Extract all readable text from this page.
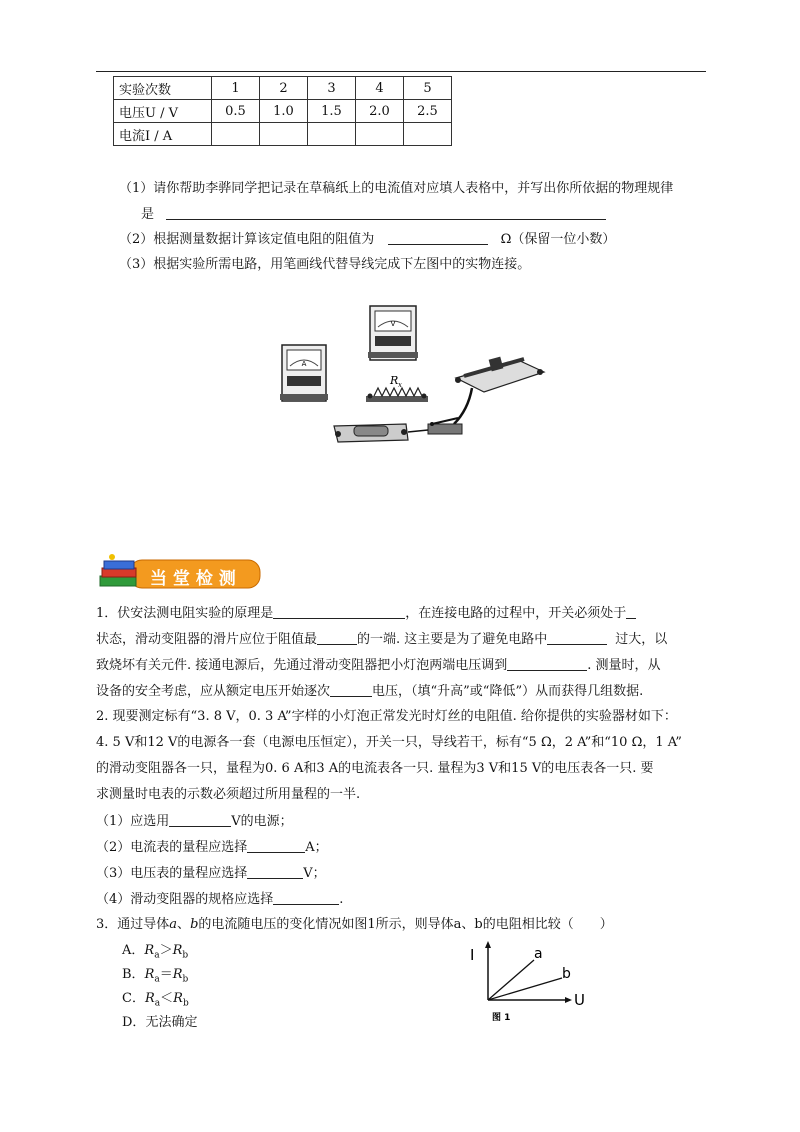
实验次数	1	2	3	4	5
电压U / V	0.5	1.0	1.5	2.0	2.5
电流I / A					
（1）请你帮助李骅同学把记录在草稿纸上的电流值对应填人表格中，并写出你所依据的物理规律
是
（2）根据测量数据计算该定值电阻的阻值为	Ω（保留一位小数）
（3）根据实验所需电路，用笔画线代替导线完成下左图中的实物连接。
A
V
R x
当 堂 检 测
1．伏安法测电阻实验的原理是	，在连接电路的过程中，开关必须处于
状态，滑动变阻器的滑片应位于阻值最	的一端. 这主要是为了避免电路中	过大，以
致烧坏有关元件. 接通电源后，先通过滑动变阻器把小灯泡两端电压调到	. 测量时，从
设备的安全考虑，应从额定电压开始逐次	电压，（填“升高”或“降低”）从而获得几组数据.
2. 现要测定标有“3. 8 V，0. 3 A”字样的小灯泡正常发光时灯丝的电阻值. 给你提供的实验器材如下：
4. 5 V和12 V的电源各一套（电源电压恒定），开关一只，导线若干，标有“5 Ω，2 A”和“10 Ω，1 A”
的滑动变阻器各一只，量程为0. 6 A和3 A的电流表各一只. 量程为3 V和15 V的电压表各一只. 要
求测量时电表的示数必须超过所用量程的一半.
（1）应选用	V的电源；
（2）电流表的量程应选择	A；
（3）电压表的量程应选择	V；
（4）滑动变阻器的规格应选择	.
3．通过导体a、b的电流随电压的变化情况如图1所示，则导体a、b的电阻相比较（　　）
A．$R_a>R_b$
B．$R_a=R_b$
C．$R_a<R_b$
D．无法确定
I
U
a
b
图 1
